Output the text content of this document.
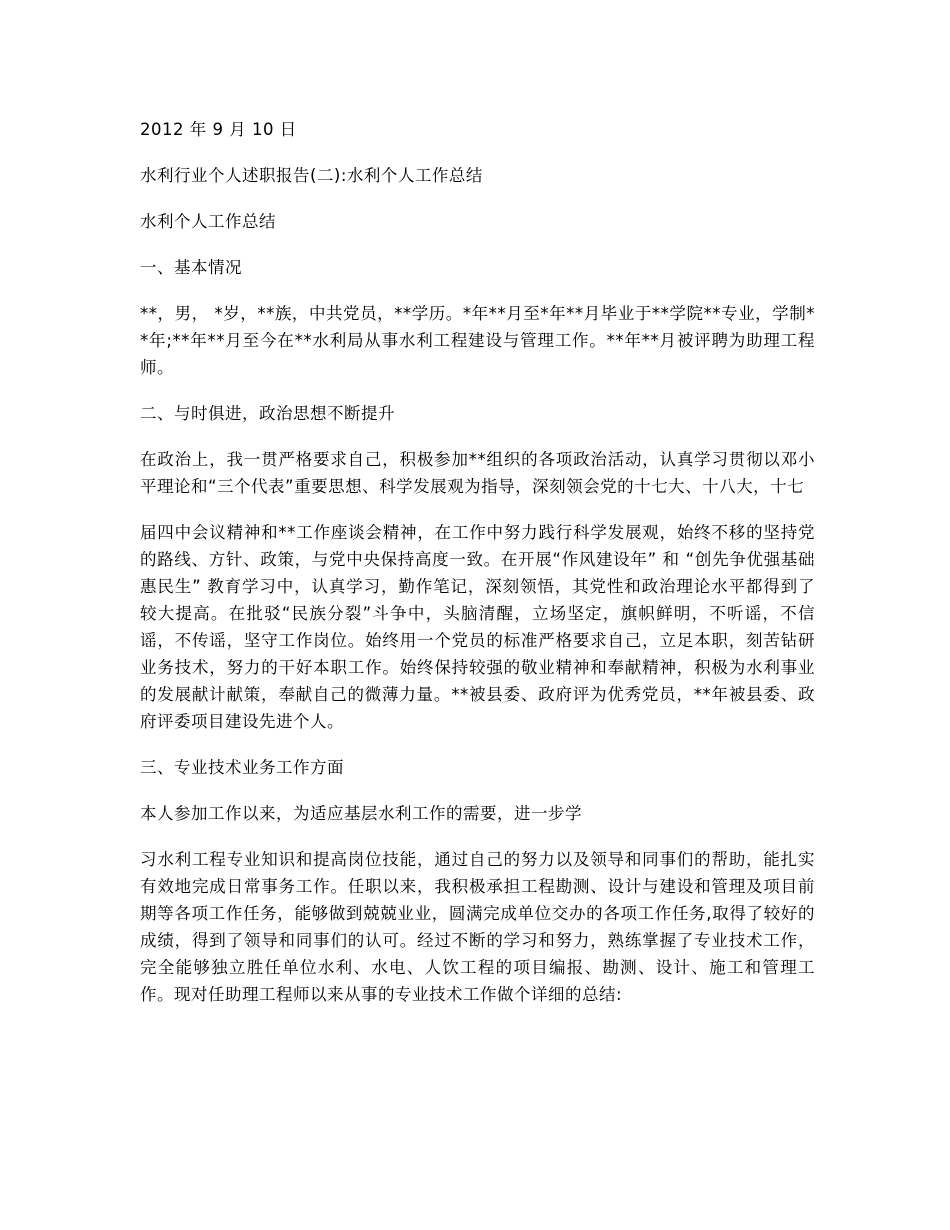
2012 年 9 月 10 日

水利行业个人述职报告(二):水利个人工作总结

水利个人工作总结

一、基本情况

**，男， *岁，**族，中共党员，**学历。*年**月至*年**月毕业于**学院**专业，学制**年;**年**月至今在**水利局从事水利工程建设与管理工作。**年**月被评聘为助理工程师。

二、与时俱进，政治思想不断提升

在政治上，我一贯严格要求自己，积极参加**组织的各项政治活动，认真学习贯彻以邓小平理论和“三个代表”重要思想、科学发展观为指导，深刻领会党的十七大、十八大，十七

届四中会议精神和**工作座谈会精神，在工作中努力践行科学发展观，始终不移的坚持党的路线、方针、政策，与党中央保持高度一致。在开展“作风建设年” 和 “创先争优强基础惠民生” 教育学习中，认真学习，勤作笔记，深刻领悟，其党性和政治理论水平都得到了较大提高。在批驳“民族分裂”斗争中，头脑清醒，立场坚定，旗帜鲜明，不听谣，不信谣，不传谣，坚守工作岗位。始终用一个党员的标准严格要求自己，立足本职，刻苦钻研业务技术，努力的干好本职工作。始终保持较强的敬业精神和奉献精神，积极为水利事业的发展献计献策，奉献自己的微薄力量。**被县委、政府评为优秀党员，**年被县委、政府评委项目建设先进个人。

三、专业技术业务工作方面

本人参加工作以来，为适应基层水利工作的需要，进一步学

习水利工程专业知识和提高岗位技能，通过自己的努力以及领导和同事们的帮助，能扎实有效地完成日常事务工作。任职以来，我积极承担工程勘测、设计与建设和管理及项目前期等各项工作任务，能够做到兢兢业业，圆满完成单位交办的各项工作任务,取得了较好的成绩，得到了领导和同事们的认可。经过不断的学习和努力，熟练掌握了专业技术工作，完全能够独立胜任单位水利、水电、人饮工程的项目编报、勘测、设计、施工和管理工作。现对任助理工程师以来从事的专业技术工作做个详细的总结:
